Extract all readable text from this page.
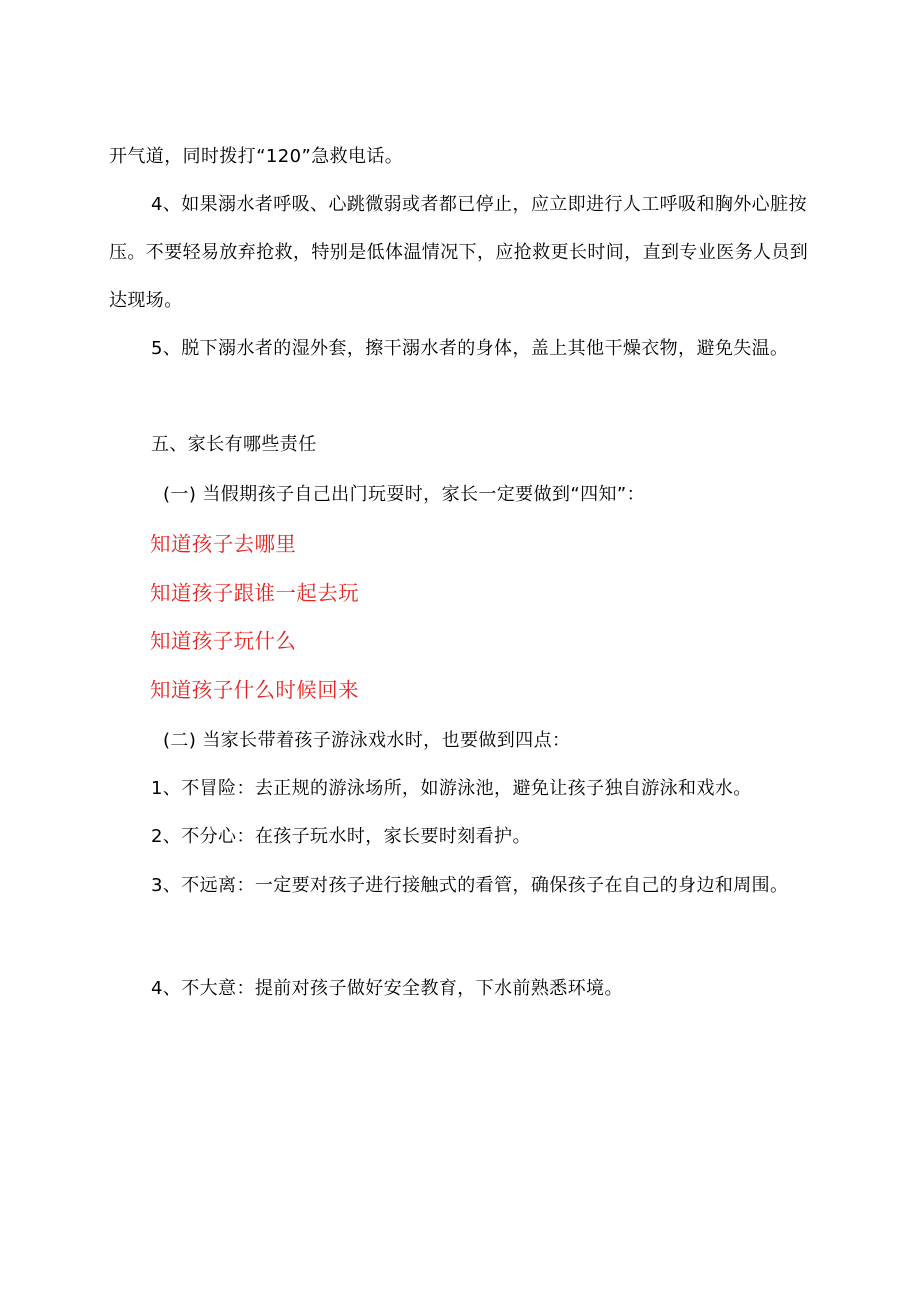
开气道，同时拨打“120”急救电话。

4、如果溺水者呼吸、心跳微弱或者都已停止，应立即进行人工呼吸和胸外心脏按压。不要轻易放弃抢救，特别是低体温情况下，应抢救更长时间，直到专业医务人员到达现场。

5、脱下溺水者的湿外套，擦干溺水者的身体，盖上其他干燥衣物，避免失温。

五、家长有哪些责任

(一) 当假期孩子自己出门玩耍时，家长一定要做到“四知”：

知道孩子去哪里

知道孩子跟谁一起去玩

知道孩子玩什么

知道孩子什么时候回来

(二) 当家长带着孩子游泳戏水时，也要做到四点：

1、不冒险：去正规的游泳场所，如游泳池，避免让孩子独自游泳和戏水。

2、不分心：在孩子玩水时，家长要时刻看护。

3、不远离：一定要对孩子进行接触式的看管，确保孩子在自己的身边和周围。

4、不大意：提前对孩子做好安全教育，下水前熟悉环境。
